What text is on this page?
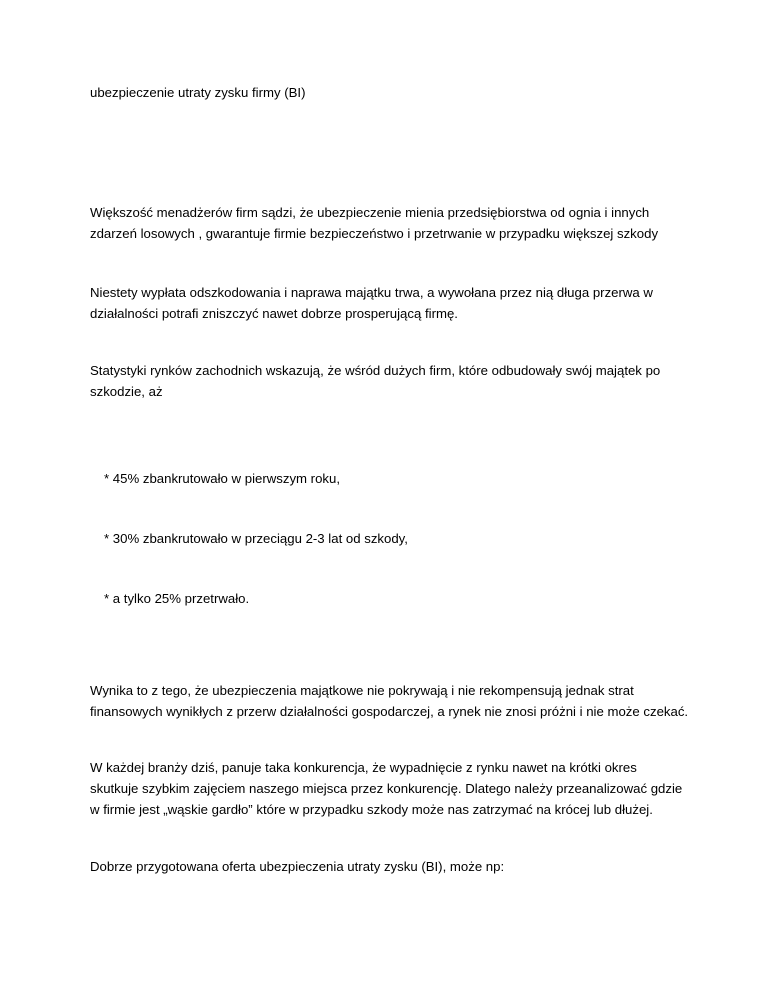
ubezpieczenie utraty zysku firmy (BI)

Większość menadżerów firm sądzi, że ubezpieczenie mienia przedsiębiorstwa od ognia i innych
zdarzeń losowych , gwarantuje firmie bezpieczeństwo i przetrwanie w przypadku większej szkody

Niestety wypłata odszkodowania i naprawa majątku trwa, a wywołana przez nią długa przerwa w
działalności potrafi zniszczyć nawet dobrze prosperującą firmę.

Statystyki rynków zachodnich wskazują, że wśród dużych firm, które odbudowały swój majątek po
szkodzie, aż

* 45% zbankrutowało w pierwszym roku,

* 30% zbankrutowało w przeciągu 2-3 lat od szkody,

* a tylko 25% przetrwało.

Wynika to z tego, że ubezpieczenia majątkowe nie pokrywają i nie rekompensują jednak strat
finansowych wynikłych z przerw działalności gospodarczej, a rynek nie znosi próżni i nie może czekać.

W każdej branży dziś, panuje taka konkurencja, że wypadnięcie z rynku nawet na krótki okres
skutkuje szybkim zajęciem naszego miejsca przez konkurencję. Dlatego należy przeanalizować gdzie
w firmie jest „wąskie gardło” które w przypadku szkody może nas zatrzymać na krócej lub dłużej.

Dobrze przygotowana oferta ubezpieczenia utraty zysku (BI), może np:
